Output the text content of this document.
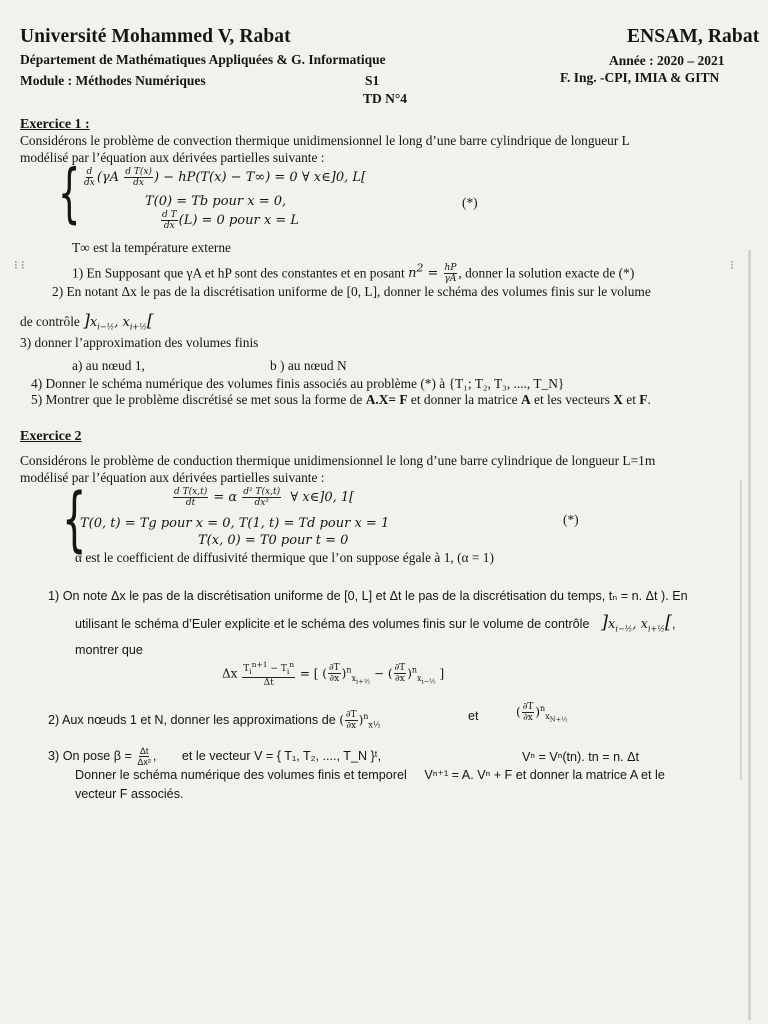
Université Mohammed V, Rabat	ENSAM, Rabat
Département de Mathématiques Appliquées & G. Informatique	Année : 2020 – 2021
Module : Méthodes Numériques	S1	F. Ing. -CPI, IMIA & GITN
TD N°4
Exercice 1 :
Considérons le problème de convection thermique unidimensionnel le long d’une barre cylindrique de longueur L
modélisé par l’équation aux dérivées partielles suivante :
{ $\frac{d}{dx} (\gamma A \frac{\text{d T(x)}}{dx}$ ) − hP(T(x) − T∞) = 0 ∀ x∈]0, L[
T(0) = Tb pour x = 0,	(*)
$\frac{\text{d T}}{dx} (L) = 0$ pour x = L
T∞ est la température externe
⁝ ⁝
1) En Supposant que γA et hP sont des constantes et en posant $n^2 = \frac{hP}{\gamma A}$ , donner la solution exacte de (*)
⁝
2) En notant Δx le pas de la discrétisation uniforme de [0, L], donner le schéma des volumes finis sur le volume
de contrôle ]$x_{i-\frac{1}{2}}$, $x_{i+\frac{1}{2}}$[
3) donner l’approximation des volumes finis
a) au nœud 1,	b ) au nœud N
4) Donner le schéma numérique des volumes finis associés au problème (*) à {T₁; T₂, T₃, ...., T_N}
5) Montrer que le problème discrétisé se met sous la forme de A.X= F et donner la matrice A et les vecteurs X et F.
Exercice 2
Considérons le problème de conduction thermique unidimensionnel le long d’une barre cylindrique de longueur L=1m
modélisé par l’équation aux dérivées partielles suivante :
{	$\frac{\text{d T(x,t)}}{dt} = \alpha \frac{\text{d² T(x,t)}}{\text{dx²}}$ ∀ x∈]0, 1[
T(0, t) = Tg pour x = 0, T(1, t) = Td pour x = 1	(*)
T(x, 0) = T0 pour t = 0
α est le coefficient de diffusivité thermique que l’on suppose égale à 1, (α = 1)
1) On note Δx le pas de la discrétisation uniforme de [0, L] et Δt le pas de la discrétisation du temps, tₙ = n. Δt ). En
utilisant le schéma d’Euler explicite et le schéma des volumes finis sur le volume de contrôle ]$x_{i-\frac{1}{2}}$, $x_{i+\frac{1}{2}}$[,
montrer que
Δx $\frac{T_i^{n+1} - T_i^n}{\Delta t}$ = [ ( $\frac{\partial T}{\partial x} )^n_{x_{i+\frac{1}{2}}}$ − ( $\frac{\partial T}{\partial x} )^n_{x_{i-\frac{1}{2}}}$ ]
2) Aux nœuds 1 et N, donner les approximations de ( $\frac{\partial T}{\partial x} )^n_{x\frac{1}{2}}$
et	( $\frac{\partial T}{\partial x} )^n_{x_{N+\frac{1}{2}}}$
3) On pose $\beta = \frac{\Delta t}{\text{Δx²}}$ , et le vecteur V = { T₁, T₂, ...., T_N }ᵗ,	Vⁿ = Vⁿ(tn). tn = n. Δt
Donner le schéma numérique des volumes finis et temporel Vⁿ⁺¹ = A. Vⁿ + F et donner la matrice A et le
vecteur F associés.
